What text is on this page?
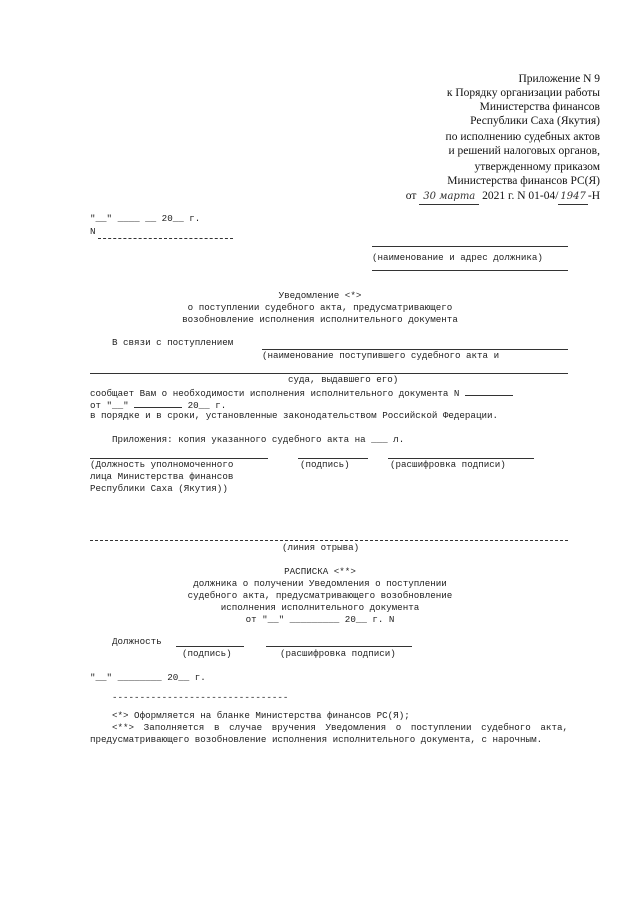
Приложение N 9
к Порядку организации работы
Министерства финансов
Республики Саха (Якутия)
по исполнению судебных актов
и решений налоговых органов,
утвержденному приказом
Министерства финансов РС(Я)
от 30 марта 2021 г. N 01-04/ 1947 -Н
"__" ____ __ 20__ г.
N
(наименование и адрес должника)
Уведомление <*>
о поступлении судебного акта, предусматривающего
возобновление исполнения исполнительного документа
В связи с поступлением
(наименование поступившего судебного акта и
суда, выдавшего его)
сообщает Вам о необходимости исполнения исполнительного документа N
от "__"	20__ г.
в порядке и в сроки, установленные законодательством Российской Федерации.
Приложения: копия указанного судебного акта на ___ л.
(Должность уполномоченного	(подпись)	(расшифровка подписи)
лица Министерства финансов
Республики Саха (Якутия))
(линия отрыва)
РАСПИСКА <**>
должника о получении Уведомления о поступлении
судебного акта, предусматривающего возобновление
исполнения исполнительного документа
от "__" _________ 20__ г. N
Должность
(подпись)	(расшифровка подписи)
"__" ________ 20__ г.
--------------------------------
<*> Оформляется на бланке Министерства финансов РС(Я);
<**> Заполняется в случае вручения Уведомления о поступлении судебного акта, предусматривающего возобновление исполнения исполнительного документа, с нарочным.
